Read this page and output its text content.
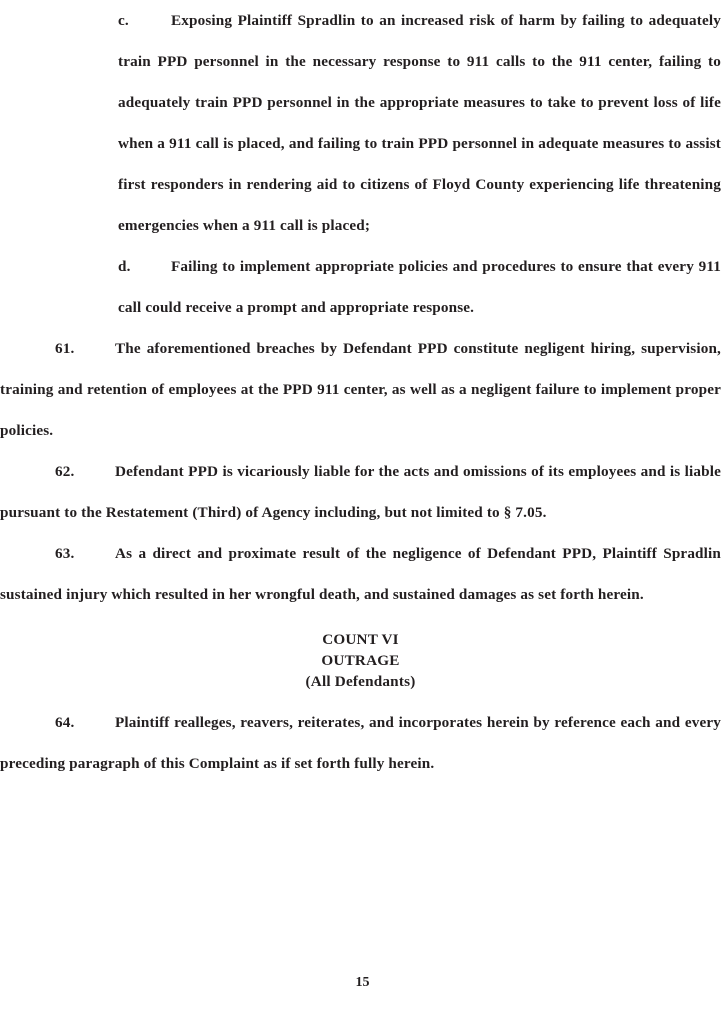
c.	Exposing Plaintiff Spradlin to an increased risk of harm by failing to adequately train PPD personnel in the necessary response to 911 calls to the 911 center, failing to adequately train PPD personnel in the appropriate measures to take to prevent loss of life when a 911 call is placed, and failing to train PPD personnel in adequate measures to assist first responders in rendering aid to citizens of Floyd County experiencing life threatening emergencies when a 911 call is placed;

d.	Failing to implement appropriate policies and procedures to ensure that every 911 call could receive a prompt and appropriate response.

61.	The aforementioned breaches by Defendant PPD constitute negligent hiring, supervision, training and retention of employees at the PPD 911 center, as well as a negligent failure to implement proper policies.

62.	Defendant PPD is vicariously liable for the acts and omissions of its employees and is liable pursuant to the Restatement (Third) of Agency including, but not limited to § 7.05.

63.	As a direct and proximate result of the negligence of Defendant PPD, Plaintiff Spradlin sustained injury which resulted in her wrongful death, and sustained damages as set forth herein.

COUNT VI
OUTRAGE
(All Defendants)

64.	Plaintiff realleges, reavers, reiterates, and incorporates herein by reference each and every preceding paragraph of this Complaint as if set forth fully herein.

15
